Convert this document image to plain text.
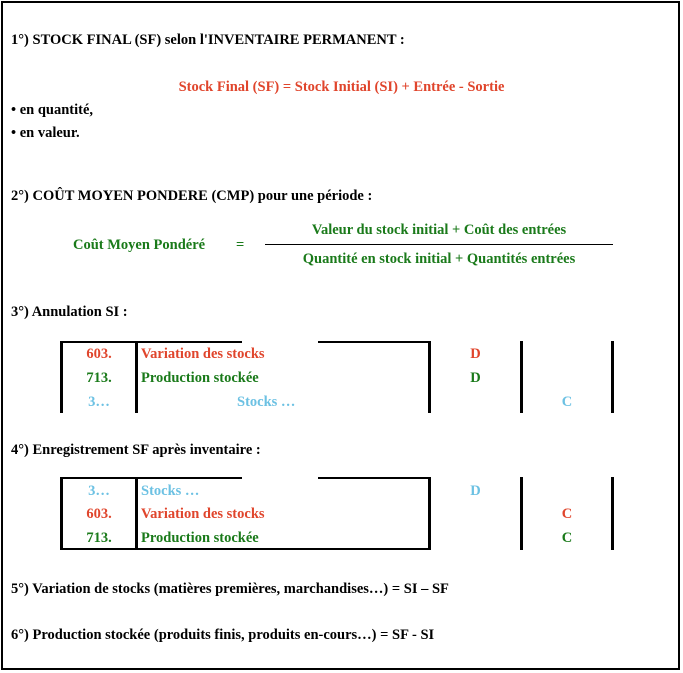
1°) STOCK FINAL (SF) selon l'INVENTAIRE PERMANENT :
Stock Final (SF) = Stock Initial (SI) + Entrée - Sortie
• en quantité,
• en valeur.
2°) COÛT MOYEN PONDERE (CMP) pour une période :
Coût Moyen Pondéré =
Valeur du stock initial + Coût des entrées
Quantité en stock initial + Quantités entrées
3°) Annulation SI :
603.	Variation des stocks	D
713.	Production stockée	D
3…	Stocks …	C
4°) Enregistrement SF après inventaire :
3…	Stocks …	D
603.	Variation des stocks	C
713.	Production stockée	C
5°) Variation de stocks (matières premières, marchandises…) = SI – SF
6°) Production stockée (produits finis, produits en-cours…) = SF - SI
